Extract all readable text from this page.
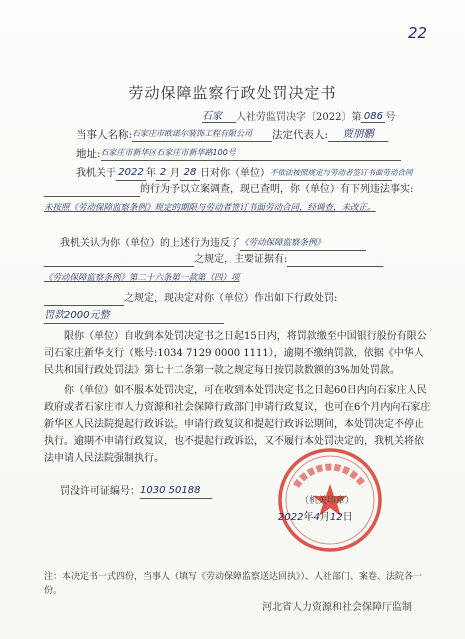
22
劳动保障监察行政处罚决定书
石家 人社劳监罚决字〔2022〕第 086 号
当事人名称:石家庄市欧诺尔装饰工程有限公司 法定代表人: 贾朋鹏
地址:石家庄市新华区石家庄市新华路100号
我机关于 2022 年 2 月 28 日对你（单位）不依法按照规定与劳动者签订书面劳动合同
的行为予以立案调查，现已查明，你（单位）有下列违法事实:
未按照《劳动保障监察条例》规定的期限与劳动者签订书面劳动合同，经调查，未改正。
我机关认为你（单位）的上述行为违反了《劳动保障监察条例》
之规定，主要证据有:
《劳动保障监察条例》第二十六条第一款第（四）项
之规定，现决定对你（单位）作出如下行政处罚:
罚款2000元整
限你（单位）自收到本处罚决定书之日起15日内，将罚款缴至中国银行股份有限公司石家庄新华支行（账号:1034 7129 0000 1111），逾期不缴纳罚款，依据《中华人民共和国行政处罚法》第七十二条第一款之规定每日按罚款数额的3%加处罚款。
你（单位）如不服本处罚决定，可在收到本处罚决定书之日起60日内向石家庄人民政府或者石家庄市人力资源和社会保障行政部门申请行政复议，也可在6个月内向石家庄新华区人民法院提起行政诉讼。申请行政复议和提起行政诉讼期间，本处罚决定不停止执行。逾期不申请行政复议，也不提起行政诉讼，又不履行本处罚决定的，我机关将依法申请人民法院强制执行。
罚没许可证编号：1030 50188
（机关印章）
2022年4月12日
注：本决定书一式四份，当事人（填写《劳动保障监察送达回执》）、人社部门、案卷、法院各一份。
河北省人力资源和社会保障厅监制
